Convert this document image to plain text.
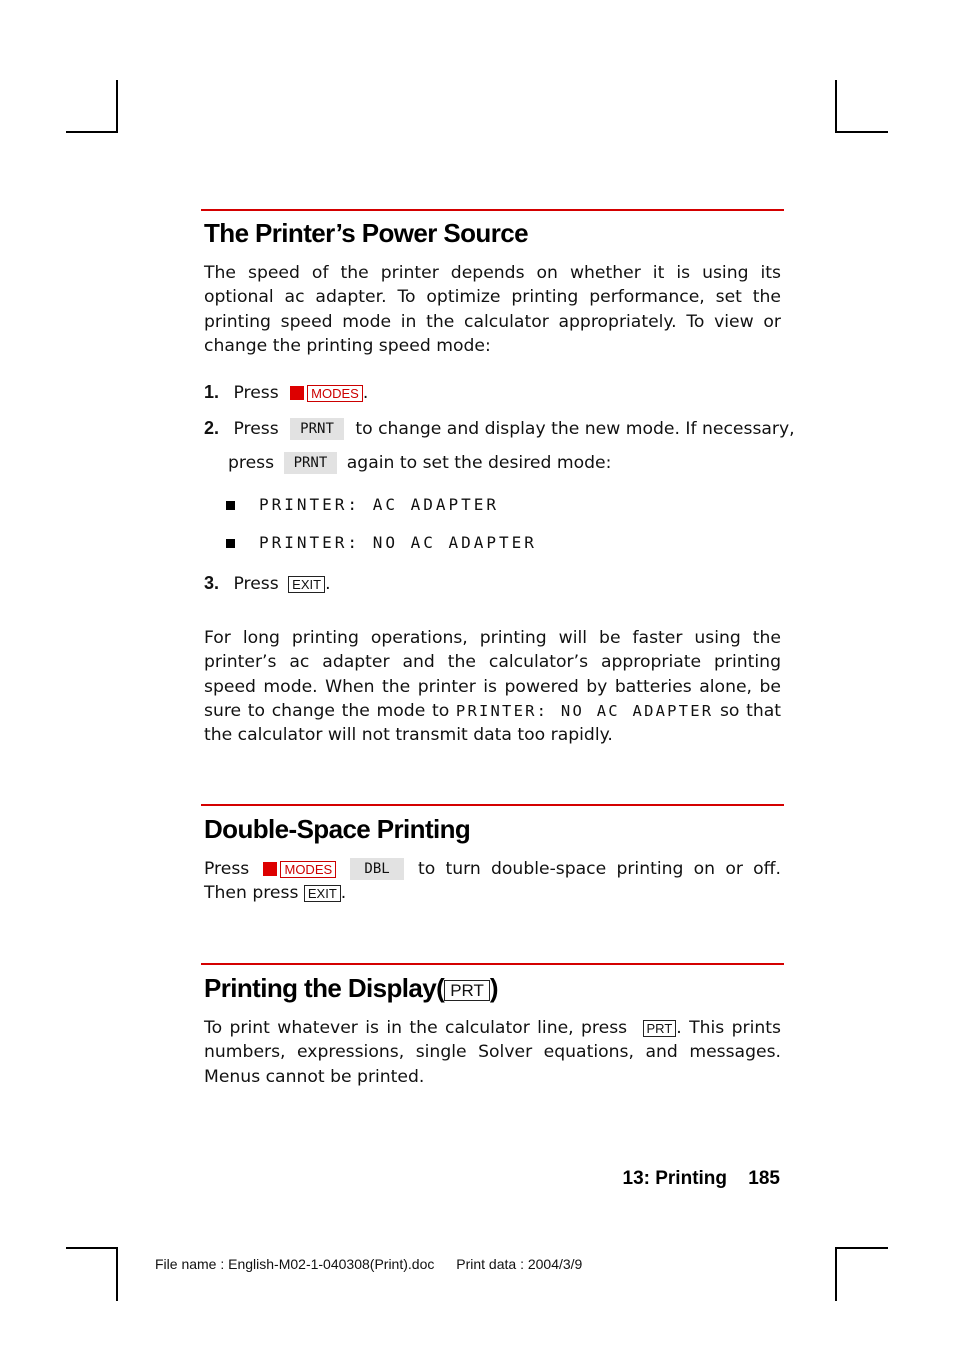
The Printer’s Power Source

The speed of the printer depends on whether it is using its optional ac adapter. To optimize printing performance, set the printing speed mode in the calculator appropriately. To view or change the printing speed mode:

1. Press MODES .
2. Press PRNT to change and display the new mode. If necessary,
press PRNT again to set the desired mode:
PRINTER: AC ADAPTER
PRINTER: NO AC ADAPTER
3. Press EXIT .

For long printing operations, printing will be faster using the printer’s ac adapter and the calculator’s appropriate printing speed mode. When the printer is powered by batteries alone, be sure to change the mode to PRINTER: NO AC ADAPTER so that the calculator will not transmit data too rapidly.

Double-Space Printing

Press	MODES DBL to turn double-space printing on or off. Then press EXIT .

Printing the Display( PRT )

To print whatever is in the calculator line, press PRT . This prints numbers, expressions, single Solver equations, and messages. Menus cannot be printed.

13: Printing 185
File name : English-M02-1-040308(Print).doc Print data : 2004/3/9
